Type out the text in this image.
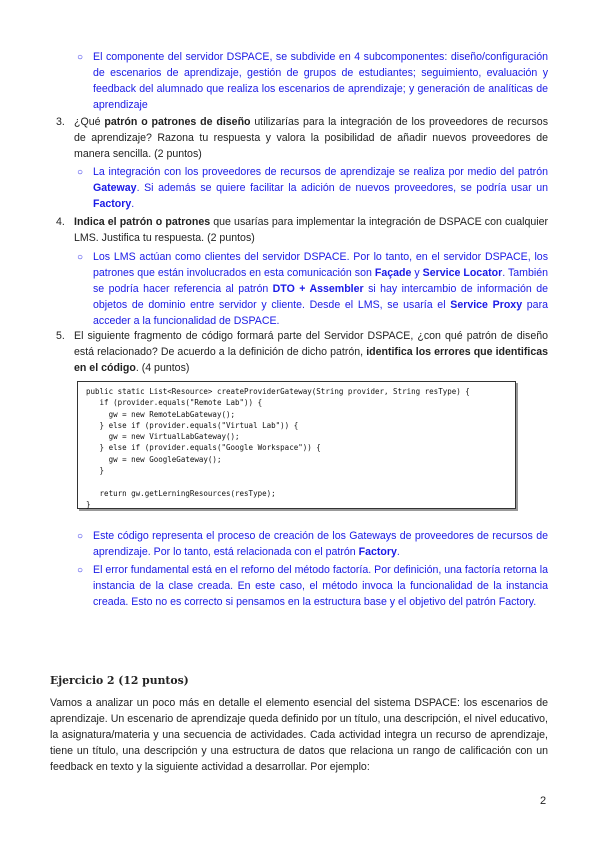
○ El componente del servidor DSPACE, se subdivide en 4 subcomponentes: diseño/configuración de escenarios de aprendizaje, gestión de grupos de estudiantes; seguimiento, evaluación y feedback del alumnado que realiza los escenarios de aprendizaje; y generación de analíticas de aprendizaje
3. ¿Qué patrón o patrones de diseño utilizarías para la integración de los proveedores de recursos de aprendizaje? Razona tu respuesta y valora la posibilidad de añadir nuevos proveedores de manera sencilla. (2 puntos)
○ La integración con los proveedores de recursos de aprendizaje se realiza por medio del patrón Gateway. Si además se quiere facilitar la adición de nuevos proveedores, se podría usar un Factory.
4. Indica el patrón o patrones que usarías para implementar la integración de DSPACE con cualquier LMS. Justifica tu respuesta. (2 puntos)
○ Los LMS actúan como clientes del servidor DSPACE. Por lo tanto, en el servidor DSPACE, los patrones que están involucrados en esta comunicación son Façade y Service Locator. También se podría hacer referencia al patrón DTO + Assembler si hay intercambio de información de objetos de dominio entre servidor y cliente. Desde el LMS, se usaría el Service Proxy para acceder a la funcionalidad de DSPACE.
5. El siguiente fragmento de código formará parte del Servidor DSPACE, ¿con qué patrón de diseño está relacionado? De acuerdo a la definición de dicho patrón, identifica los errores que identificas en el código. (4 puntos)
public static List<Resource> createProviderGateway(String provider, String resType) {
if (provider.equals("Remote Lab")) {
gw = new RemoteLabGateway();
} else if (provider.equals("Virtual Lab")) {
gw = new VirtualLabGateway();
} else if (provider.equals("Google Workspace")) {
gw = new GoogleGateway();
}

return gw.getLerningResources(resType);
}
○ Este código representa el proceso de creación de los Gateways de proveedores de recursos de aprendizaje. Por lo tanto, está relacionada con el patrón Factory.
○ El error fundamental está en el reforno del método factoría. Por definición, una factoría retorna la instancia de la clase creada. En este caso, el método invoca la funcionalidad de la instancia creada. Esto no es correcto si pensamos en la estructura base y el objetivo del patrón Factory.
Ejercicio 2 (12 puntos)
Vamos a analizar un poco más en detalle el elemento esencial del sistema DSPACE: los escenarios de aprendizaje. Un escenario de aprendizaje queda definido por un título, una descripción, el nivel educativo, la asignatura/materia y una secuencia de actividades. Cada actividad integra un recurso de aprendizaje, tiene un título, una descripción y una estructura de datos que relaciona un rango de calificación con un feedback en texto y la siguiente actividad a desarrollar. Por ejemplo:
2
